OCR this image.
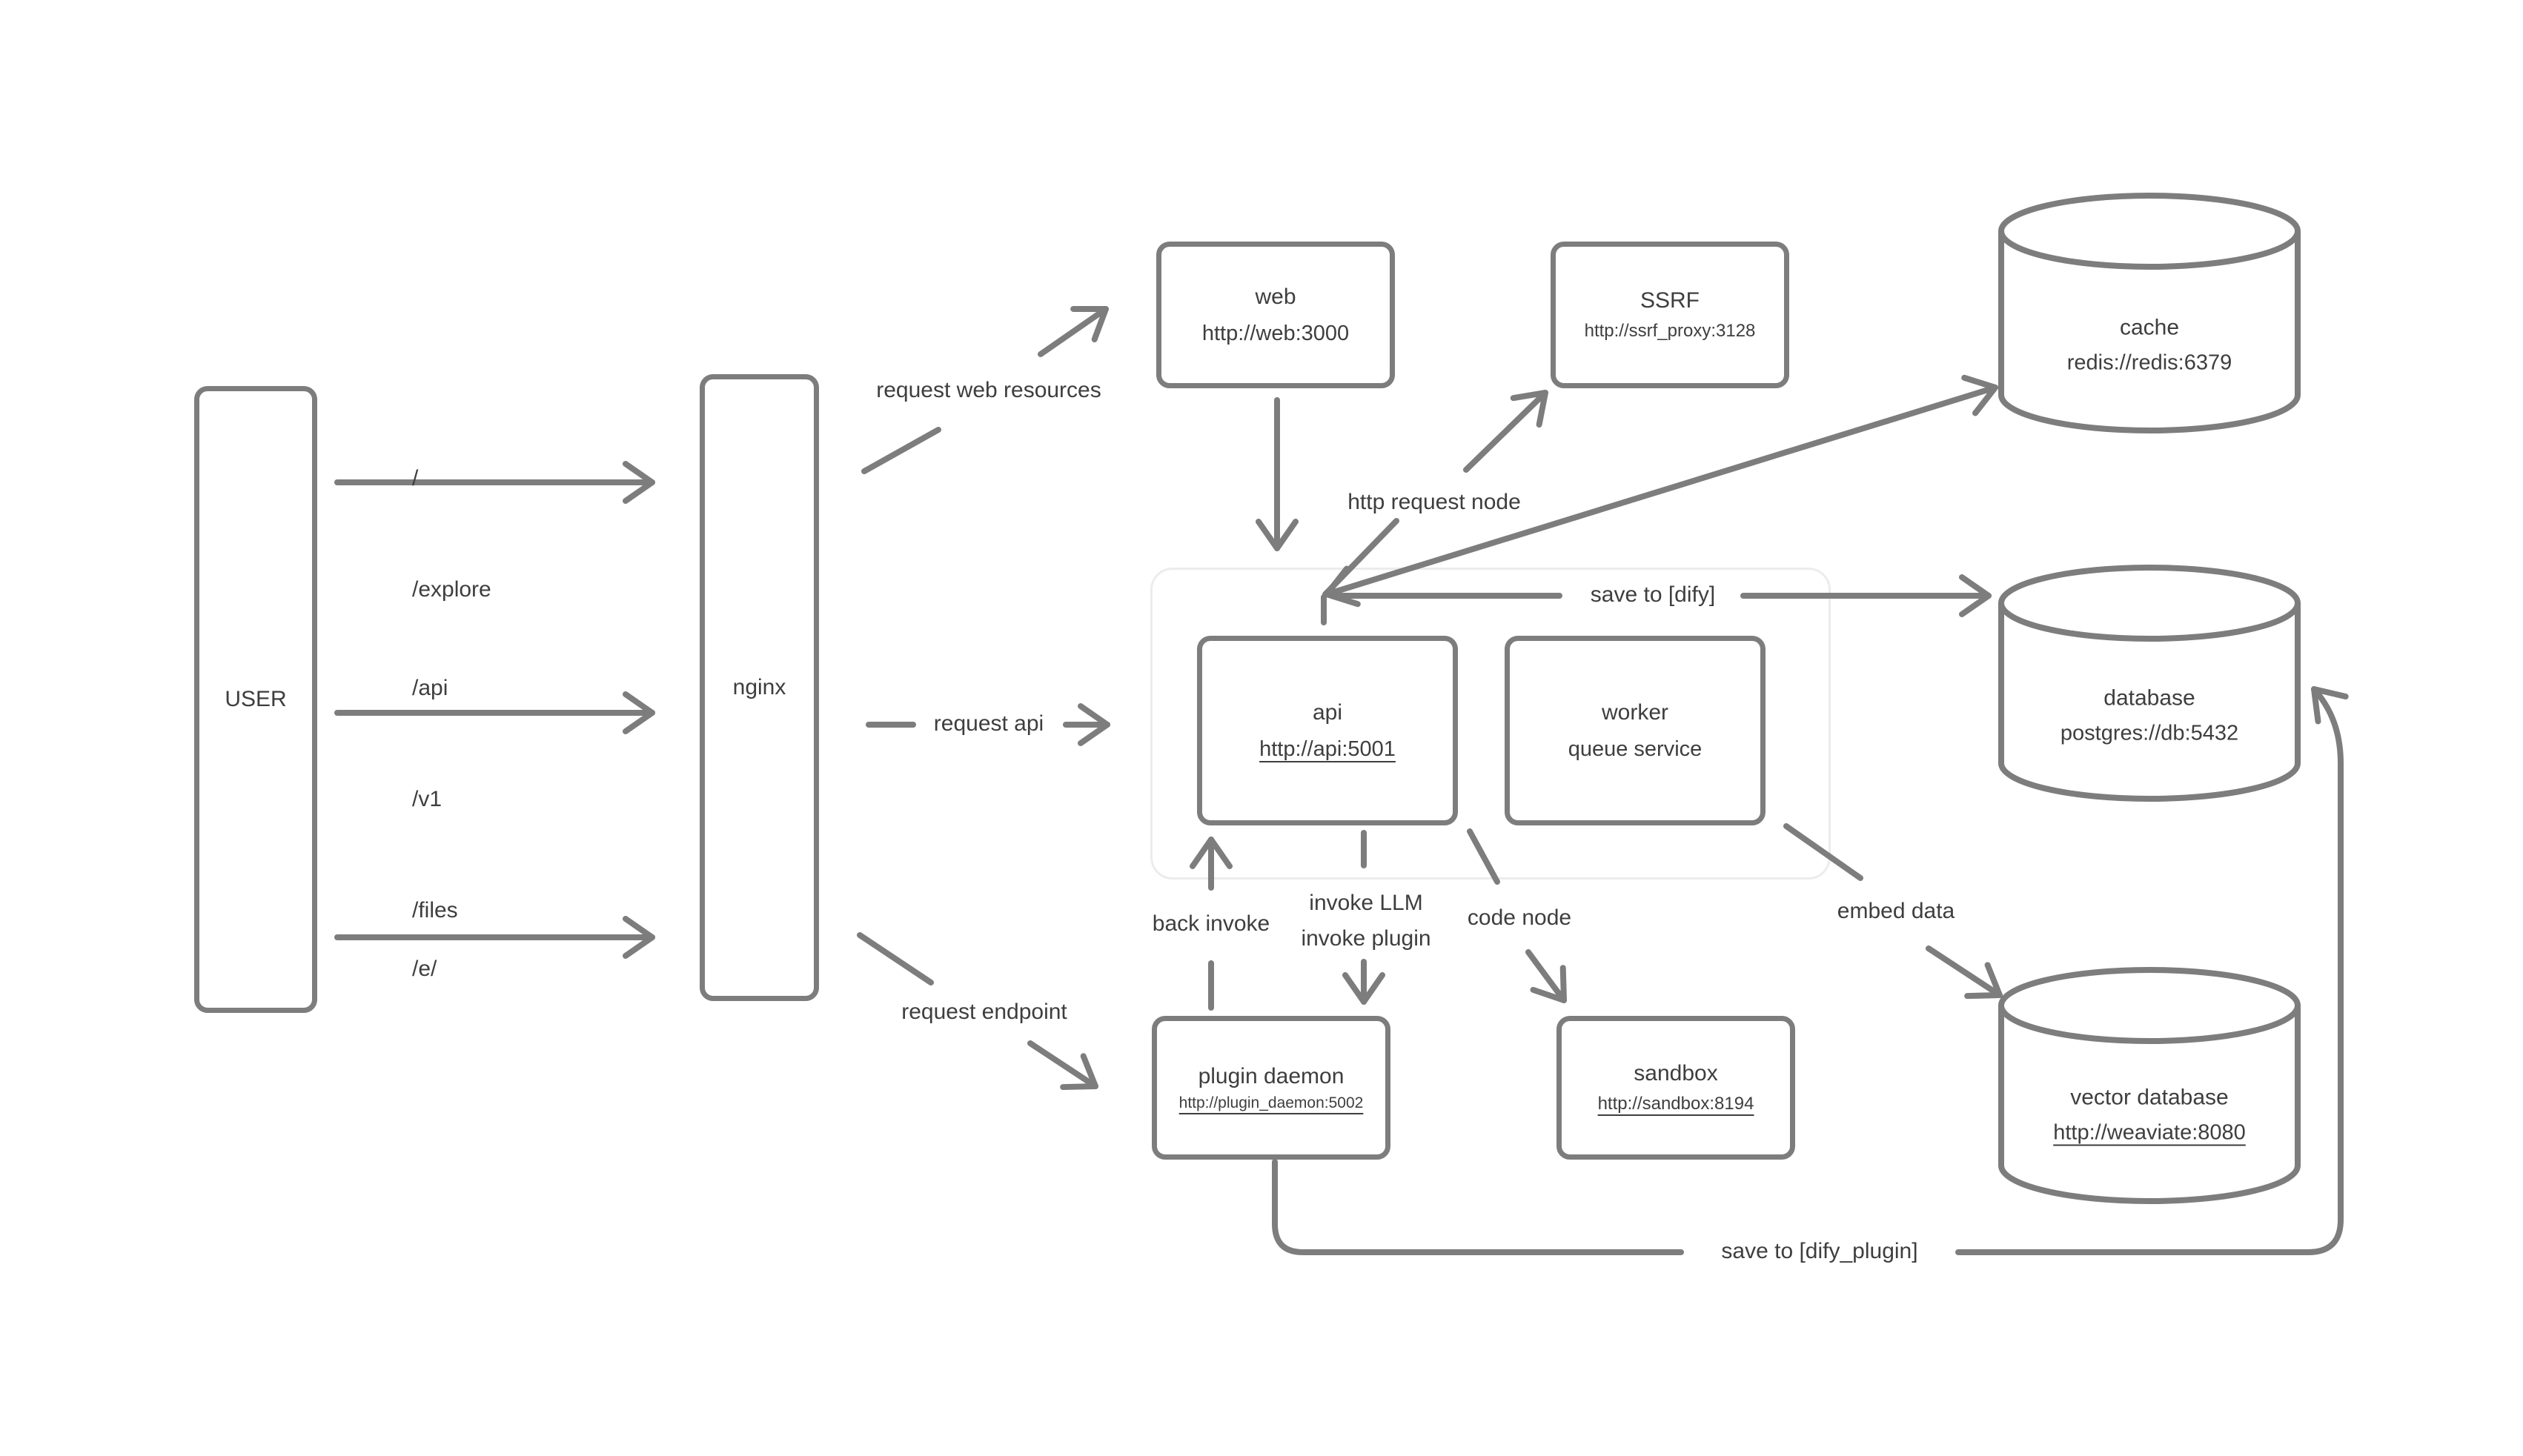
USER	nginx
web
http://web:3000
SSRF
http://ssrf_proxy:3128
api
http://api:5001
worker
queue service
plugin daemon
http://plugin_daemon:5002
sandbox
http://sandbox:8194
cache
redis://redis:6379
database
postgres://db:5432
vector database
http://weaviate:8080

/

/explore

/api

/v1

/files

/e/

request web resources
http request node
save to [dify]
request api
back invoke
invoke LLM
invoke plugin
code node	embed data
request endpoint
save to [dify_plugin]
